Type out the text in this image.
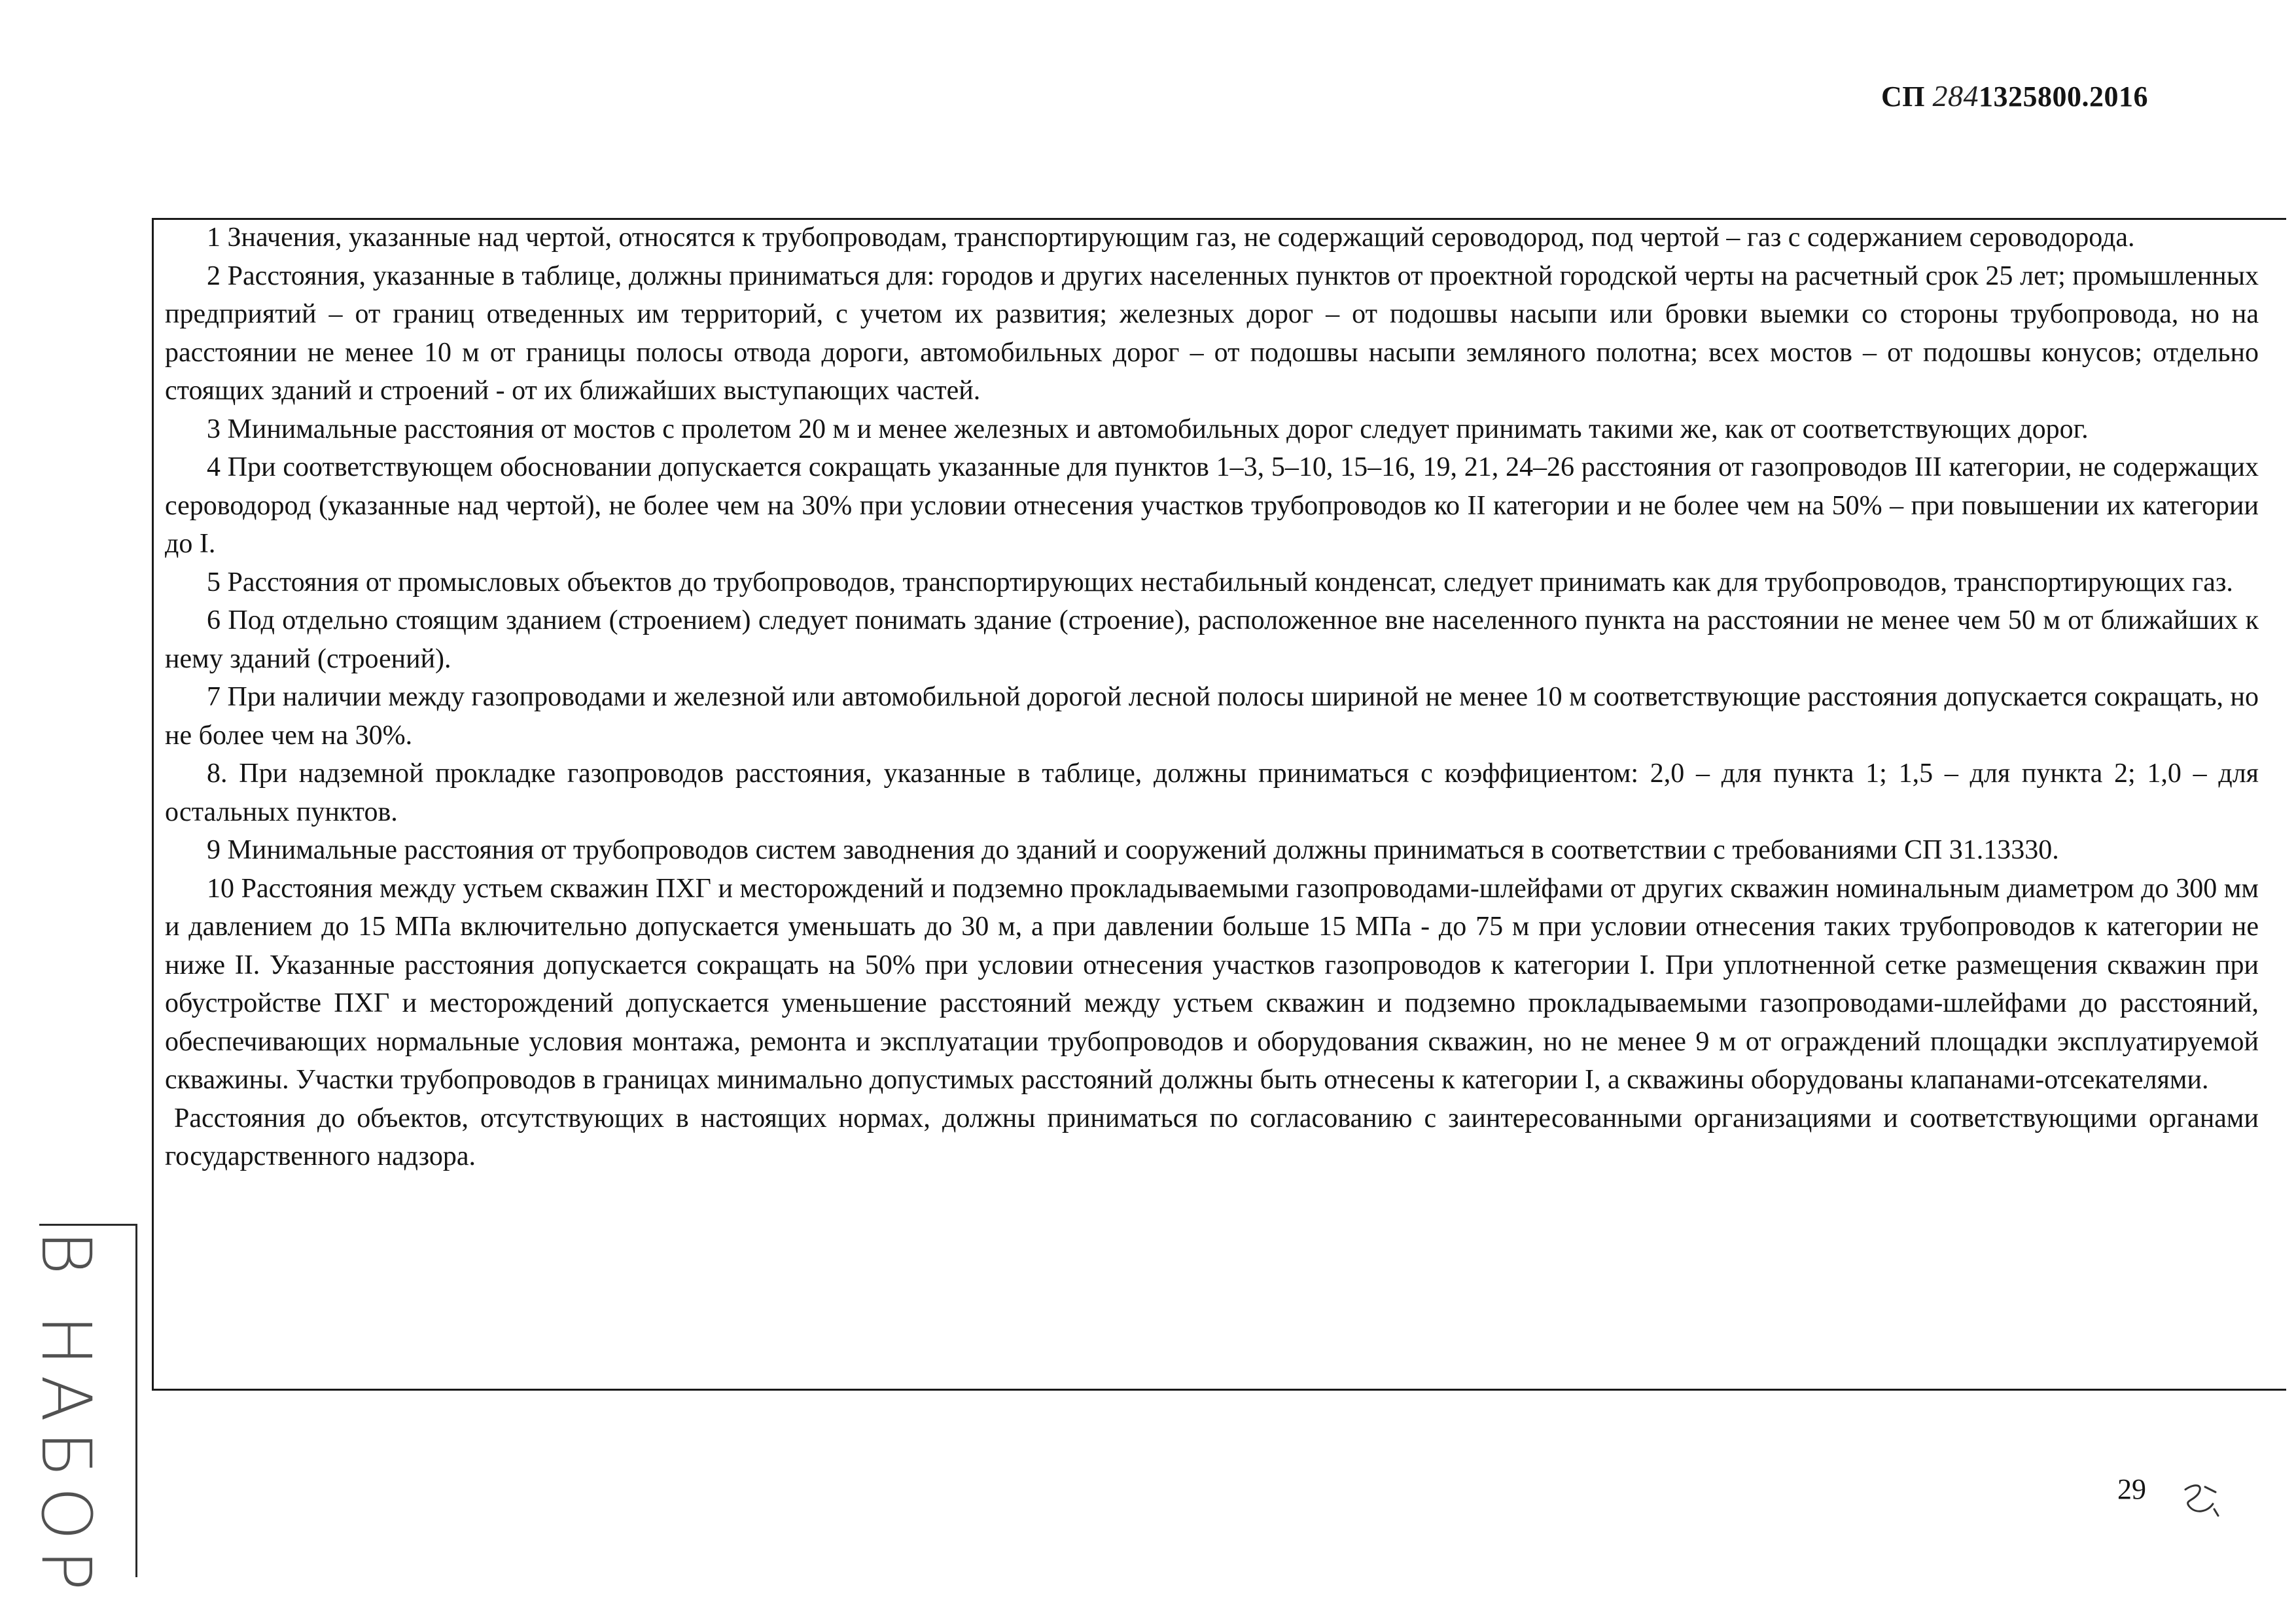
СП 2841325800.2016

1 Значения, указанные над чертой, относятся к трубопроводам, транспортирующим газ, не содержащий сероводород, под чертой – газ с содержанием сероводорода.

2 Расстояния, указанные в таблице, должны приниматься для: городов и других населенных пунктов от проектной городской черты на расчетный срок 25 лет; промышленных предприятий – от границ отведенных им территорий, с учетом их развития; железных дорог – от подошвы насыпи или бровки выемки со стороны трубопровода, но на расстоянии не менее 10 м от границы полосы отвода дороги, автомобильных дорог – от подошвы насыпи земляного полотна; всех мостов – от подошвы конусов; отдельно стоящих зданий и строений - от их ближайших выступающих частей.

3 Минимальные расстояния от мостов с пролетом 20 м и менее железных и автомобильных дорог следует принимать такими же, как от соответствующих дорог.

4 При соответствующем обосновании допускается сокращать указанные для пунктов 1–3, 5–10, 15–16, 19, 21, 24–26 расстояния от газопроводов III категории, не содержащих сероводород (указанные над чертой), не более чем на 30% при условии отнесения участков трубопроводов ко II категории и не более чем на 50% – при повышении их категории до I.

5 Расстояния от промысловых объектов до трубопроводов, транспортирующих нестабильный конденсат, следует принимать как для трубопроводов, транспортирующих газ.

6 Под отдельно стоящим зданием (строением) следует понимать здание (строение), расположенное вне населенного пункта на расстоянии не менее чем 50 м от ближайших к нему зданий (строений).

7 При наличии между газопроводами и железной или автомобильной дорогой лесной полосы шириной не менее 10 м соответствующие расстояния допускается сокращать, но не более чем на 30%.

8. При надземной прокладке газопроводов расстояния, указанные в таблице, должны приниматься с коэффициентом: 2,0 – для пункта 1; 1,5 – для пункта 2; 1,0 – для остальных пунктов.

9 Минимальные расстояния от трубопроводов систем заводнения до зданий и сооружений должны приниматься в соответствии с требованиями СП 31.13330.

10 Расстояния между устьем скважин ПХГ и месторождений и подземно прокладываемыми газопроводами-шлейфами от других скважин номинальным диаметром до 300 мм и давлением до 15 МПа включительно допускается уменьшать до 30 м, а при давлении больше 15 МПа - до 75 м при условии отнесения таких трубопроводов к категории не ниже II. Указанные расстояния допускается сокращать на 50% при условии отнесения участков газопроводов к категории I. При уплотненной сетке размещения скважин при обустройстве ПХГ и месторождений допускается уменьшение расстояний между устьем скважин и подземно прокладываемыми газопроводами-шлейфами до расстояний, обеспечивающих нормальные условия монтажа, ремонта и эксплуатации трубопроводов и оборудования скважин, но не менее 9 м от ограждений площадки эксплуатируемой скважины. Участки трубопроводов в границах минимально допустимых расстояний должны быть отнесены к категории I, а скважины оборудованы клапанами-отсекателями.

Расстояния до объектов, отсутствующих в настоящих нормах, должны приниматься по согласованию с заинтересованными организациями и соответствующими органами государственного надзора.

В НАБОР	29
